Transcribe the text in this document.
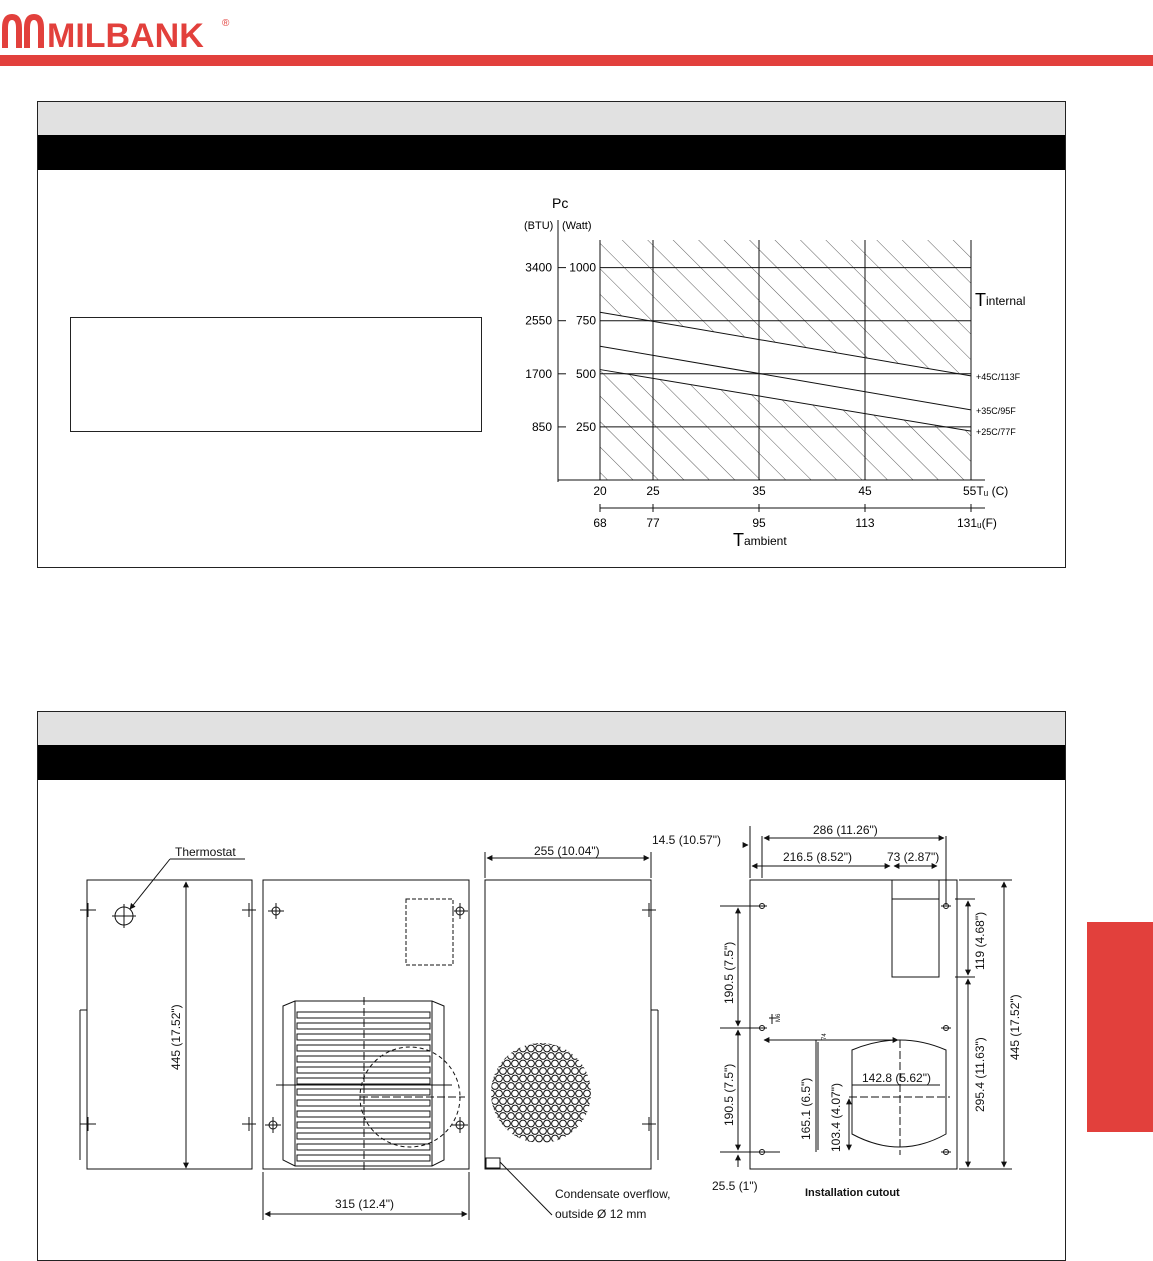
MILBANK ®
+45C/113F
+35C/95F
+25C/77F
1000
3400
750
2550
500
1700
250
850
20
68
25
77
35
95
45
113
55Tᵤ (C)
131ᵤ(F)
Pc
(BTU) (Watt)
Tinternal
Tambient
Thermostat
445 (17.52")
315 (12.4")
255 (10.04")
Condensate overflow,
outside Ø 12 mm
14.5 (10.57")
286 (11.26")
216.5 (8.52")	73 (2.87")
190.5 (7.5")
190.5 (7.5")
119 (4.68")
295.4 (11.63")
445 (17.52")
165.1 (6.5") 103.4 (4.07")
142.8 (5.62")
25.5 (1")	Installation cutout
M6
74
